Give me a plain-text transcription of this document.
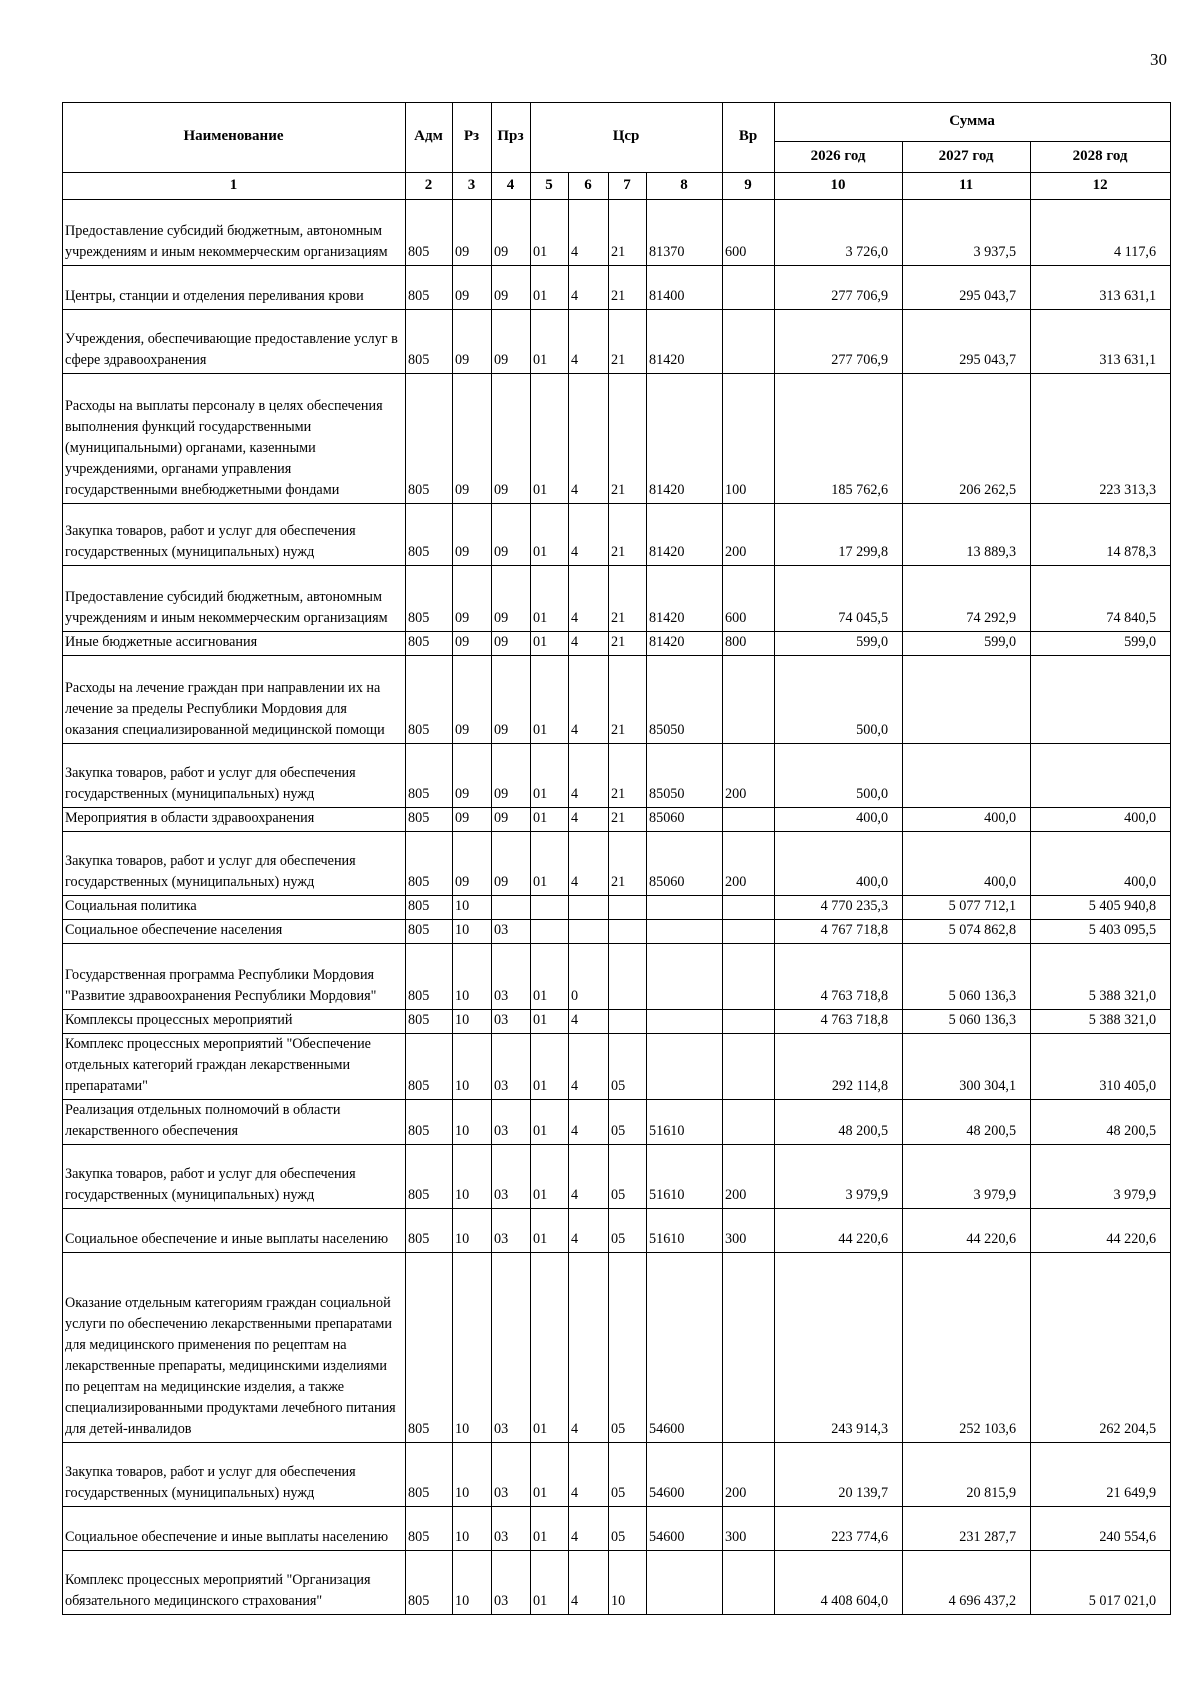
30
Наименование	Адм	Рз	Прз	Цср				Вр	Сумма		
									2026 год	2027 год	2028 год
1	2	3	4	5	6	7	8	9	10	11	12
Предоставление субсидий бюджетным, автономным учреждениям и иным некоммерческим организациям	805	09	09	01	4	21	81370	600	3 726,0	3 937,5	4 117,6
Центры, станции и отделения переливания крови	805	09	09	01	4	21	81400		277 706,9	295 043,7	313 631,1
Учреждения, обеспечивающие предоставление услуг в сфере здравоохранения	805	09	09	01	4	21	81420		277 706,9	295 043,7	313 631,1
Расходы на выплаты персоналу в целях обеспечения выполнения функций государственными (муниципальными) органами, казенными учреждениями, органами управления государственными внебюджетными фондами	805	09	09	01	4	21	81420	100	185 762,6	206 262,5	223 313,3
Закупка товаров, работ и услуг для обеспечения государственных (муниципальных) нужд	805	09	09	01	4	21	81420	200	17 299,8	13 889,3	14 878,3
Предоставление субсидий бюджетным, автономным учреждениям и иным некоммерческим организациям	805	09	09	01	4	21	81420	600	74 045,5	74 292,9	74 840,5
Иные бюджетные ассигнования	805	09	09	01	4	21	81420	800	599,0	599,0	599,0
Расходы на лечение граждан при направлении их на лечение за пределы Республики Мордовия для оказания специализированной медицинской помощи	805	09	09	01	4	21	85050		500,0		
Закупка товаров, работ и услуг для обеспечения государственных (муниципальных) нужд	805	09	09	01	4	21	85050	200	500,0		
Мероприятия в области здравоохранения	805	09	09	01	4	21	85060		400,0	400,0	400,0
Закупка товаров, работ и услуг для обеспечения государственных (муниципальных) нужд	805	09	09	01	4	21	85060	200	400,0	400,0	400,0
Социальная политика	805	10							4 770 235,3	5 077 712,1	5 405 940,8
Социальное обеспечение населения	805	10	03						4 767 718,8	5 074 862,8	5 403 095,5
Государственная программа Республики Мордовия "Развитие здравоохранения Республики Мордовия"	805	10	03	01	0				4 763 718,8	5 060 136,3	5 388 321,0
Комплексы процессных мероприятий	805	10	03	01	4				4 763 718,8	5 060 136,3	5 388 321,0
Комплекс процессных мероприятий "Обеспечение отдельных категорий граждан лекарственными препаратами"	805	10	03	01	4	05			292 114,8	300 304,1	310 405,0
Реализация отдельных полномочий в области лекарственного обеспечения	805	10	03	01	4	05	51610		48 200,5	48 200,5	48 200,5
Закупка товаров, работ и услуг для обеспечения государственных (муниципальных) нужд	805	10	03	01	4	05	51610	200	3 979,9	3 979,9	3 979,9
Социальное обеспечение и иные выплаты населению	805	10	03	01	4	05	51610	300	44 220,6	44 220,6	44 220,6
Оказание отдельным категориям граждан социальной услуги по обеспечению лекарственными препаратами для медицинского применения по рецептам на лекарственные препараты, медицинскими изделиями по рецептам на медицинские изделия, а также специализированными продуктами лечебного питания для детей-инвалидов	805	10	03	01	4	05	54600		243 914,3	252 103,6	262 204,5
Закупка товаров, работ и услуг для обеспечения государственных (муниципальных) нужд	805	10	03	01	4	05	54600	200	20 139,7	20 815,9	21 649,9
Социальное обеспечение и иные выплаты населению	805	10	03	01	4	05	54600	300	223 774,6	231 287,7	240 554,6
Комплекс процессных мероприятий "Организация обязательного медицинского страхования"	805	10	03	01	4	10			4 408 604,0	4 696 437,2	5 017 021,0
